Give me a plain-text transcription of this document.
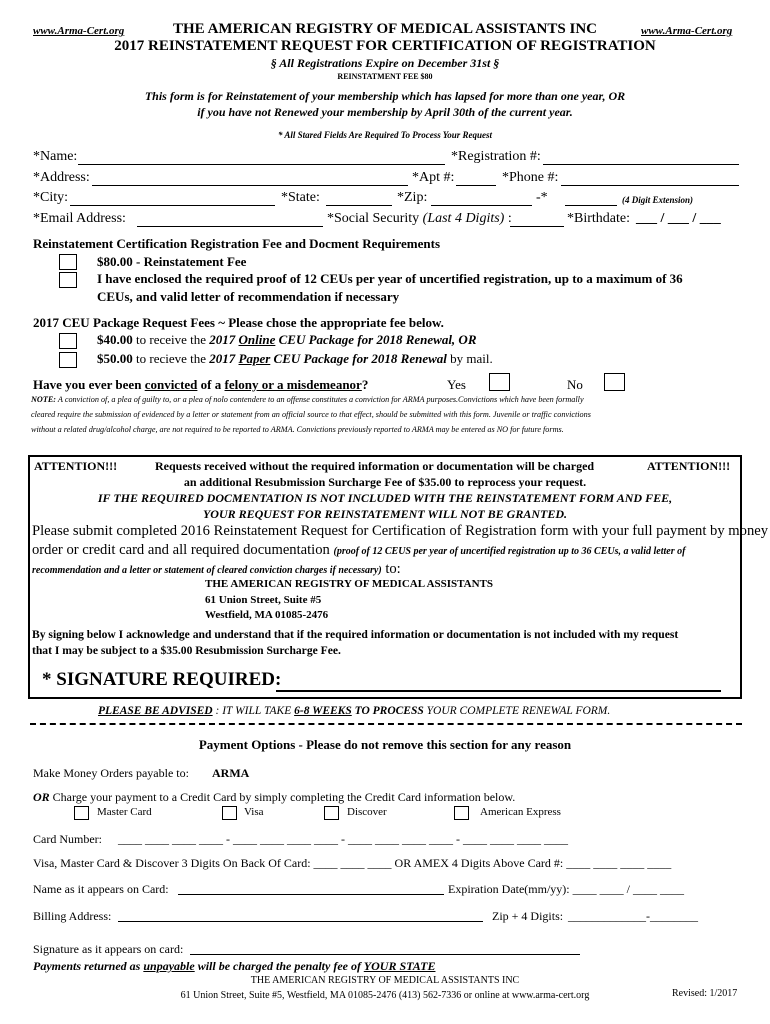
www.Arma-Cert.org	THE AMERICAN REGISTRY OF MEDICAL ASSISTANTS INC	www.Arma-Cert.org
2017 REINSTATEMENT REQUEST FOR CERTIFICATION OF REGISTRATION
§ All Registrations Expire on December 31st §
REINSTATMENT FEE $80
This form is for Reinstatement of your membership which has lapsed for more than one year, OR
if you have not Renewed your membership by April 30th of the current year.
* All Stared Fields Are Required To Process Your Request
*Name:	*Registration #:
*Address:	*Apt #:	*Phone #:
*City:	*State:	*Zip:	-*	(4 Digit Extension)
*Email Address:	*Social Security (Last 4 Digits) :	*Birthdate: ___ / ___ / ___
Reinstatement Certification Registration Fee and Docment Requirements
$80.00 - Reinstatement Fee
I have enclosed the required proof of 12 CEUs per year of uncertified registration, up to a maximum of 36
CEUs, and valid letter of recommendation if necessary
2017 CEU Package Request Fees ~ Please chose the appropriate fee below.
$40.00 to receive the 2017 Online CEU Package for 2018 Renewal, OR
$50.00 to recieve the 2017 Paper CEU Package for 2018 Renewal by mail.
Have you ever been convicted of a felony or a misdemeanor?	Yes	No
NOTE: A conviction of, a plea of guilty to, or a plea of nolo contendere to an offense constitutes a conviction for ARMA purposes.Convictions which have been formally
cleared require the submission of evidenced by a letter or statement from an official source to that effect, should be submitted with this form. Juvenile or traffic convictions
without a related drug/alcohol charge, are not required to be reported to ARMA. Convictions previously reported to ARMA may be entered as NO for future forms.
ATTENTION!!!	Requests received without the required information or documentation will be charged	ATTENTION!!!
an additional Resubmission Surcharge Fee of $35.00 to reprocess your request.
IF THE REQUIRED DOCMENTATION IS NOT INCLUDED WITH THE REINSTATEMENT FORM AND FEE,
YOUR REQUEST FOR REINSTATEMENT WILL NOT BE GRANTED.
Please submit completed 2016 Reinstatement Request for Certification of Registration form with your full payment by money
order or credit card and all required documentation (proof of 12 CEUS per year of uncertified registration up to 36 CEUs, a valid letter of
recommendation and a letter or statement of cleared conviction charges if necessary) to:
THE AMERICAN REGISTRY OF MEDICAL ASSISTANTS
61 Union Street, Suite #5
Westfield, MA 01085-2476
By signing below I acknowledge and understand that if the required information or documentation is not included with my request
that I may be subject to a $35.00 Resubmission Surcharge Fee.
* SIGNATURE REQUIRED:
PLEASE BE ADVISED : IT WILL TAKE 6-8 WEEKS TO PROCESS YOUR COMPLETE RENEWAL FORM.
Payment Options - Please do not remove this section for any reason
Make Money Orders payable to: ARMA
OR Charge your payment to a Credit Card by simply completing the Credit Card information below.
Master Card	Visa	Discover	American Express
Card Number: ____ ____ ____ ____ - ____ ____ ____ ____ - ____ ____ ____ ____ - ____ ____ ____ ____
Visa, Master Card & Discover 3 Digits On Back Of Card: ____ ____ ____ OR AMEX 4 Digits Above Card #: ____ ____ ____ ____
Name as it appears on Card:	Expiration Date(mm/yy): ____ ____ / ____ ____
Billing Address:	Zip + 4 Digits: _____________-________
Signature as it appears on card:
Payments returned as unpayable will be charged the penalty fee of YOUR STATE
THE AMERICAN REGISTRY OF MEDICAL ASSISTANTS INC
61 Union Street, Suite #5, Westfield, MA 01085-2476 (413) 562-7336 or online at www.arma-cert.org	Revised: 1/2017
